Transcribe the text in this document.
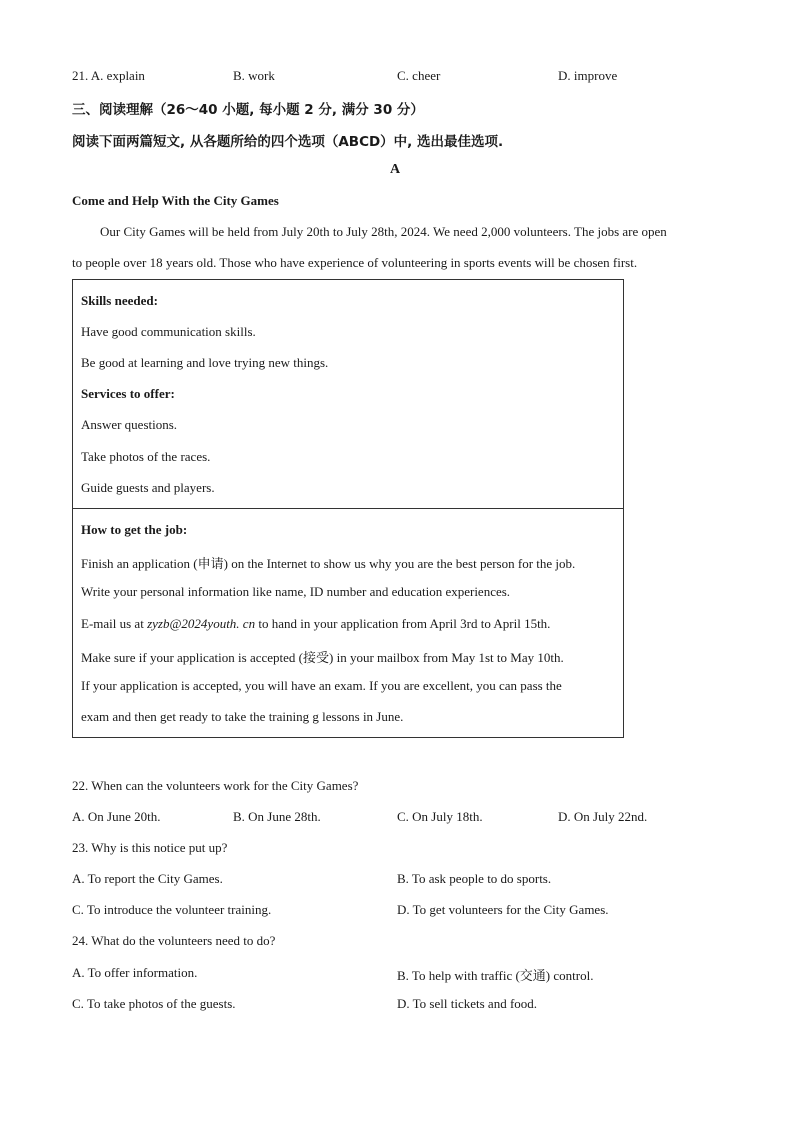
21. A. explain	B. work	C. cheer	D. improve
三、阅读理解（26～40 小题, 每小题 2 分, 满分 30 分）
阅读下面两篇短文, 从各题所给的四个选项（ABCD）中, 选出最佳选项.
A
Come and Help With the City Games
Our City Games will be held from July 20th to July 28th, 2024. We need 2,000 volunteers. The jobs are open
to people over 18 years old. Those who have experience of volunteering in sports events will be chosen first.
Skills needed:
Have good communication skills.
Be good at learning and love trying new things.
Services to offer:
Answer questions.
Take photos of the races.
Guide guests and players.
How to get the job:
Finish an application (申请) on the Internet to show us why you are the best person for the job.
Write your personal information like name, ID number and education experiences.
E-mail us at zyzb@2024youth. cn to hand in your application from April 3rd to April 15th.
Make sure if your application is accepted (接受) in your mailbox from May 1st to May 10th.
If your application is accepted, you will have an exam. If you are excellent, you can pass the
exam and then get ready to take the training g lessons in June.
22. When can the volunteers work for the City Games?
A. On June 20th.	B. On June 28th.	C. On July 18th.	D. On July 22nd.
23. Why is this notice put up?
A. To report the City Games.	B. To ask people to do sports.
C. To introduce the volunteer training.	D. To get volunteers for the City Games.
24. What do the volunteers need to do?
A. To offer information.	B. To help with traffic (交通) control.
C. To take photos of the guests.	D. To sell tickets and food.
